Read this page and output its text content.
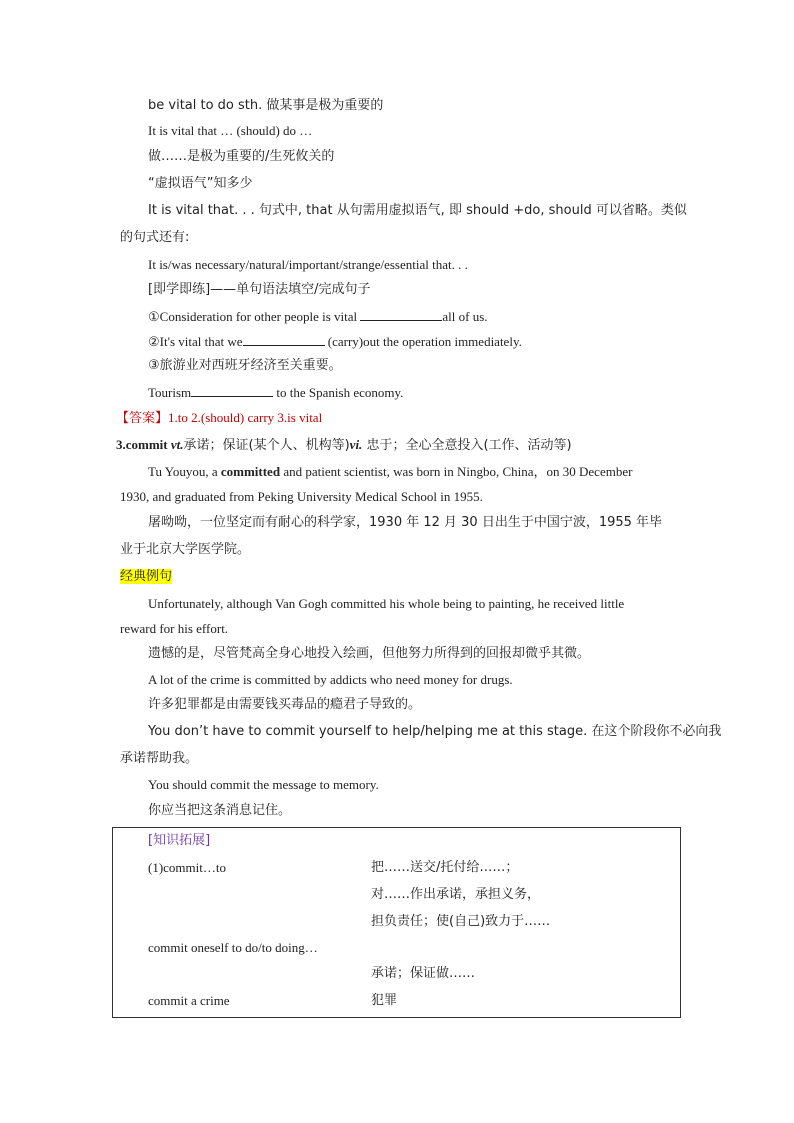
be vital to do sth. 做某事是极为重要的
It is vital that … (should) do …
做……是极为重要的/生死攸关的
“虚拟语气”知多少
It is vital that. . . 句式中, that 从句需用虚拟语气, 即 should +do, should 可以省略。类似
的句式还有:
It is/was necessary/natural/important/strange/essential that. . .
[即学即练]——单句语法填空/完成句子
①Consideration for other people is vital	all of us.
②It's vital that we	(carry)out the operation immediately.
③旅游业对西班牙经济至关重要。
Tourism	to the Spanish economy.
【答案】1.to 2.(should) carry 3.is vital
3.commit vt.承诺；保证(某个人、机构等)vi. 忠于；全心全意投入(工作、活动等)
Tu Youyou, a committed and patient scientist, was born in Ningbo, China，on 30 December
1930, and graduated from Peking University Medical School in 1955.
屠呦呦，一位坚定而有耐心的科学家，1930 年 12 月 30 日出生于中国宁波，1955 年毕
业于北京大学医学院。
经典例句
Unfortunately, although Van Gogh committed his whole being to painting, he received little
reward for his effort.
遗憾的是，尽管梵高全身心地投入绘画，但他努力所得到的回报却微乎其微。
A lot of the crime is committed by addicts who need money for drugs.
许多犯罪都是由需要钱买毒品的瘾君子导致的。
You don’t have to commit yourself to help/helping me at this stage. 在这个阶段你不必向我
承诺帮助我。
You should commit the message to memory.
你应当把这条消息记住。
[知识拓展]
(1)commit…to	把……送交/托付给……；
对……作出承诺，承担义务，
担负责任；使(自己)致力于……
commit oneself to do/to doing…
承诺；保证做……
commit a crime	犯罪
